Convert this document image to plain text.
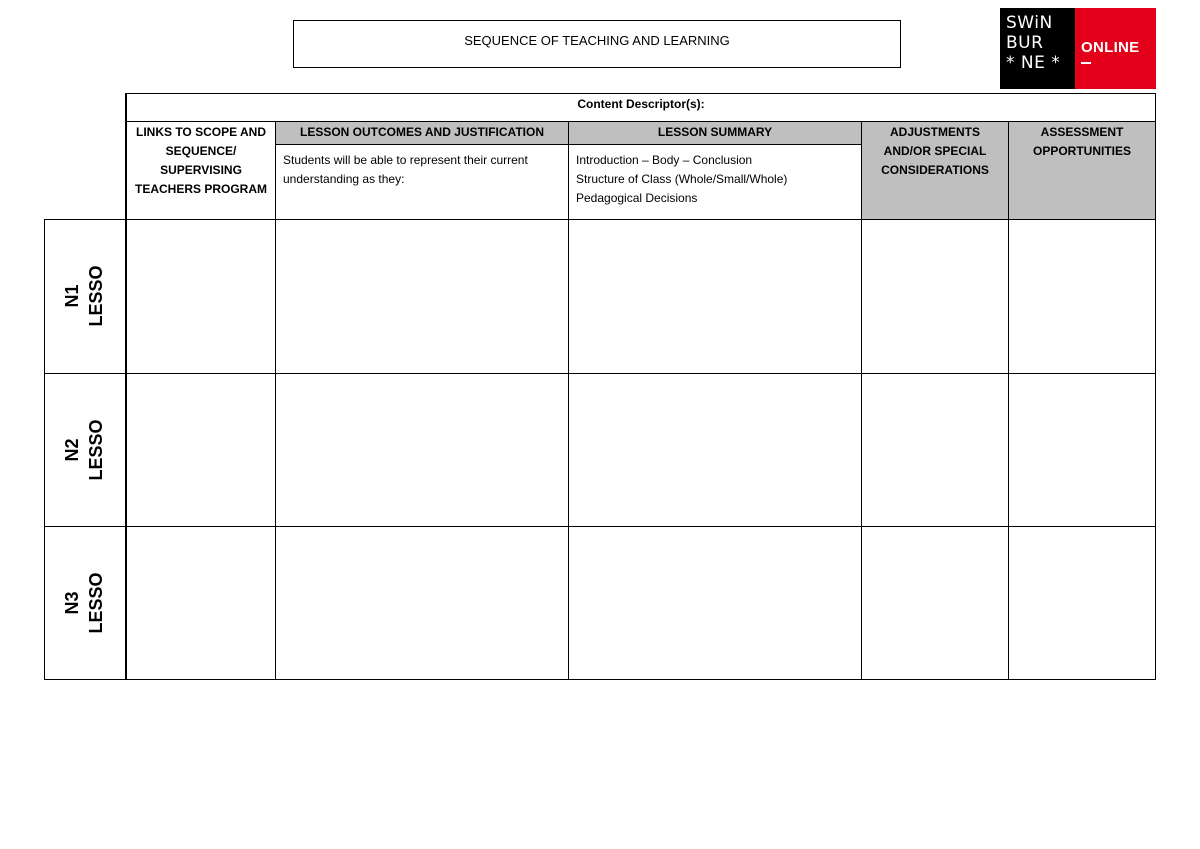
SEQUENCE OF TEACHING AND LEARNING
SWiN
BUR
* NE *
ONLINE
Content Descriptor(s):
LINKS TO SCOPE AND SEQUENCE/ SUPERVISING TEACHERS PROGRAM
LESSON OUTCOMES AND JUSTIFICATION	LESSON SUMMARY	ADJUSTMENTS AND/OR SPECIAL CONSIDERATIONS
ASSESSMENT OPPORTUNITIES
Students will be able to represent their current understanding as they:
Introduction – Body – Conclusion
Structure of Class (Whole/Small/Whole)
Pedagogical Decisions
N1 LESSO
N2 LESSO
N3 LESSO
